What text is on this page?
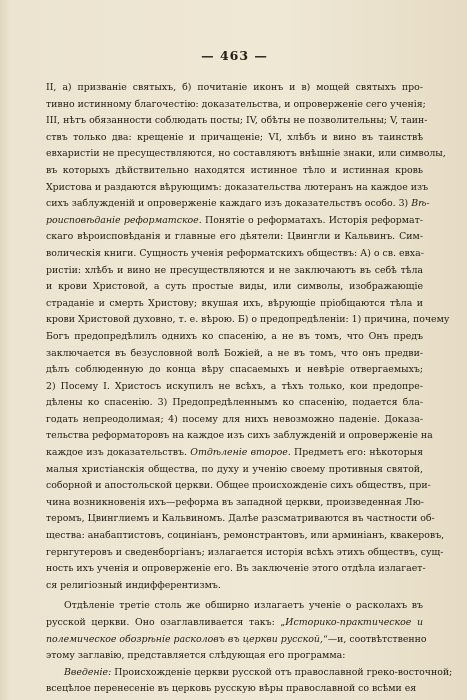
— 463 —
II, а) призваніе святыхъ, б) почитаніе иконъ и в) мощей святыхъ про-
тивно истинному благочестію: доказательства, и опроверженіе сего ученія;
III, нѣтъ обязанности соблюдать посты; IV, обѣты не позволительны; V, таин-
ствъ только два: крещеніе и причащеніе; VI, хлѣбъ и вино въ таинствѣ
евхаристіи не пресуществляются, но составляютъ внѣшніе знаки, или символы,
въ которыхъ дѣйствительно находятся истинное тѣло и истинная кровь
Христова и раздаются вѣрующимъ: доказательства лютеранъ на каждое изъ
сихъ заблужденій и опроверженіе каждаго изъ доказательствъ особо. 3) Вѣ-
роисповѣданіе реформатское. Понятіе о реформатахъ. Исторія реформат-
скаго вѣроисповѣданія и главные его дѣятели: Цвингли и Кальвинъ. Сим-
волическія книги. Сущность ученія реформатскихъ обществъ: А) о св. евха-
ристіи: хлѣбъ и вино не пресуществляются и не заключаютъ въ себѣ тѣла
и крови Христовой, а суть простые виды, или символы, изображающіе
страданіе и смерть Христову; вкушая ихъ, вѣрующіе пріобщаются тѣла и
крови Христовой духовно, т. е. вѣрою. Б) о предопредѣленіи: 1) причина, почему
Богъ предопредѣлилъ однихъ ко спасенію, а не въ томъ, что Онъ предъ
заключается въ безусловной волѣ Божіей, а не въ томъ, что онъ предви-
дѣлъ соблюденную до конца вѣру спасаемыхъ и невѣріе отвергаемыхъ;
2) Посему I. Христосъ искупилъ не всѣхъ, а тѣхъ только, кои предопре-
дѣлены ко спасенію. 3) Предопредѣленнымъ ко спасенію, подается бла-
годать непреодолимая; 4) посему для нихъ невозможно паденіе. Доказа-
тельства реформаторовъ на каждое изъ сихъ заблужденій и опроверженіе на
каждое изъ доказательствъ. Отдѣленіе второе. Предметъ его: нѣкоторыя
малыя христіанскія общества, по духу и ученію своему противныя святой,
соборной и апостольской церкви. Общее происхожденіе сихъ обществъ, при-
чина возникновенія ихъ—реформа въ западной церкви, произведенная Лю-
теромъ, Цвинглиемъ и Кальвиномъ. Далѣе разсматриваются въ частности об-
щества: анабаптистовъ, социніанъ, ремонстрантовъ, или арминіанъ, квакеровъ,
гернгутеровъ и сведенборгіанъ; излагается исторія всѣхъ этихъ обществъ, сущ-
ность ихъ ученія и опроверженіе его. Въ заключеніе этого отдѣла излагает-
ся религіозный индифферентизмъ.
Отдѣленіе третіе столь же обширно излагаетъ ученіе о расколахъ въ
русской церкви. Оно озаглавливается такъ: „Историко-практическое и
полемическое обозрѣніе расколовъ въ церкви русской,“—и, соотвѣтственно
этому заглавію, представляется слѣдующая его программа:
Введеніе: Происхожденіе церкви русской отъ православной греко-восточной;
всецѣлое перенесеніе въ церковь русскую вѣры православной со всѣми ея
